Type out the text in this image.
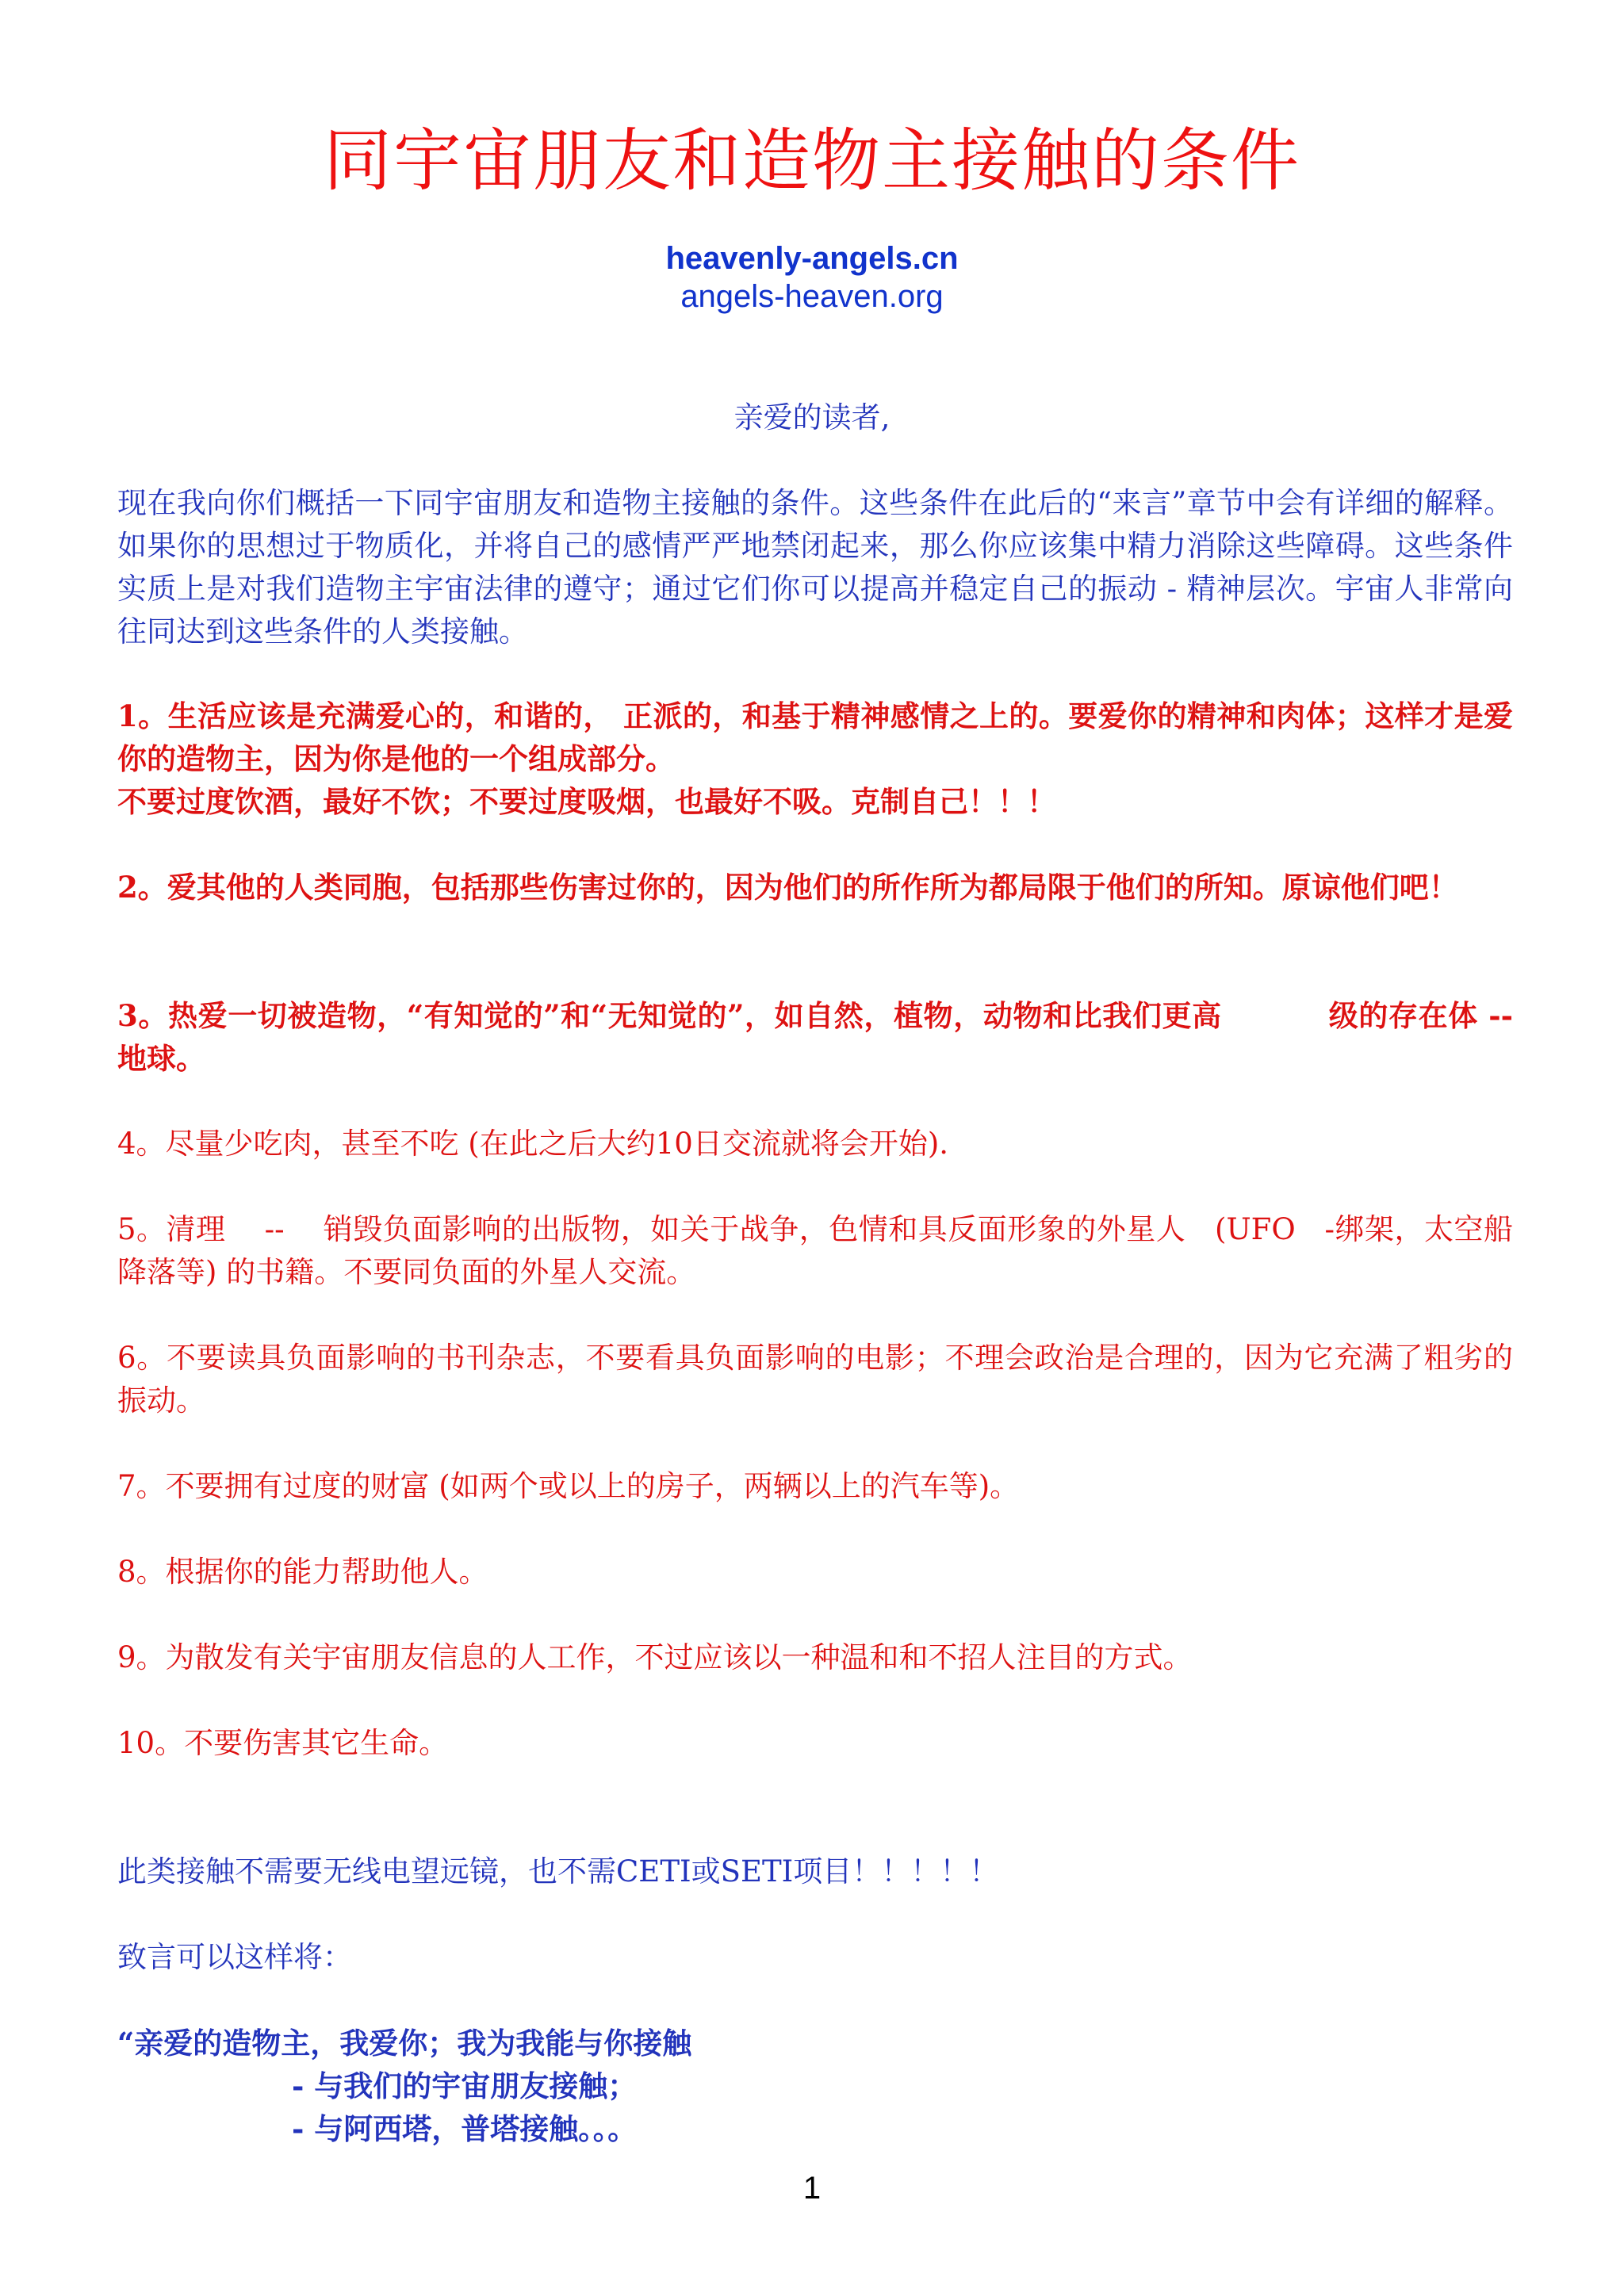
同宇宙朋友和造物主接触的条件
heavenly-angels.cn
angels-heaven.org
亲爱的读者,
现在我向你们概括一下同宇宙朋友和造物主接触的条件。这些条件在此后的“来言”章节中会有详细的解释。如果你的思想过于物质化，并将自己的感情严严地禁闭起来，那么你应该集中精力消除这些障碍。这些条件实质上是对我们造物主宇宙法律的遵守；通过它们你可以提高并稳定自己的振动 - 精神层次。宇宙人非常向往同达到这些条件的人类接触。
1。生活应该是充满爱心的，和谐的， 正派的，和基于精神感情之上的。要爱你的精神和肉体；这样才是爱你的造物主，因为你是他的一个组成部分。
不要过度饮酒，最好不饮；不要过度吸烟，也最好不吸。克制自己！！！
2。爱其他的人类同胞，包括那些伤害过你的，因为他们的所作所为都局限于他们的所知。原谅他们吧！
3。热爱一切被造物，“有知觉的”和“无知觉的”，如自然，植物，动物和比我们更高          级的存在体 -- 地球。
4。尽量少吃肉，甚至不吃 (在此之后大约10日交流就将会开始).
5。清理    --    销毁负面影响的出版物，如关于战争，色情和具反面形象的外星人   (UFO   -绑架，太空船降落等) 的书籍。不要同负面的外星人交流。
6。不要读具负面影响的书刊杂志，不要看具负面影响的电影；不理会政治是合理的，因为它充满了粗劣的振动。
7。不要拥有过度的财富 (如两个或以上的房子，两辆以上的汽车等)。
8。根据你的能力帮助他人。
9。为散发有关宇宙朋友信息的人工作，不过应该以一种温和和不招人注目的方式。
10。不要伤害其它生命。
此类接触不需要无线电望远镜，也不需CETI或SETI项目！！！！！
致言可以这样将：
“亲爱的造物主，我爱你；我为我能与你接触
- 与我们的宇宙朋友接触；
- 与阿西塔，普塔接触。。。
1
